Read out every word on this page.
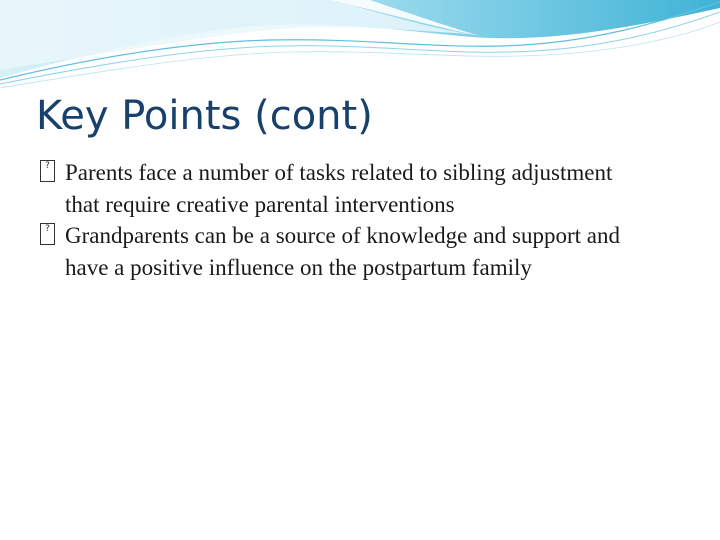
Key Points (cont)
? Parents face a number of tasks related to sibling adjustment that require creative parental interventions
? Grandparents can be a source of knowledge and support and have a positive influence on the postpartum family
